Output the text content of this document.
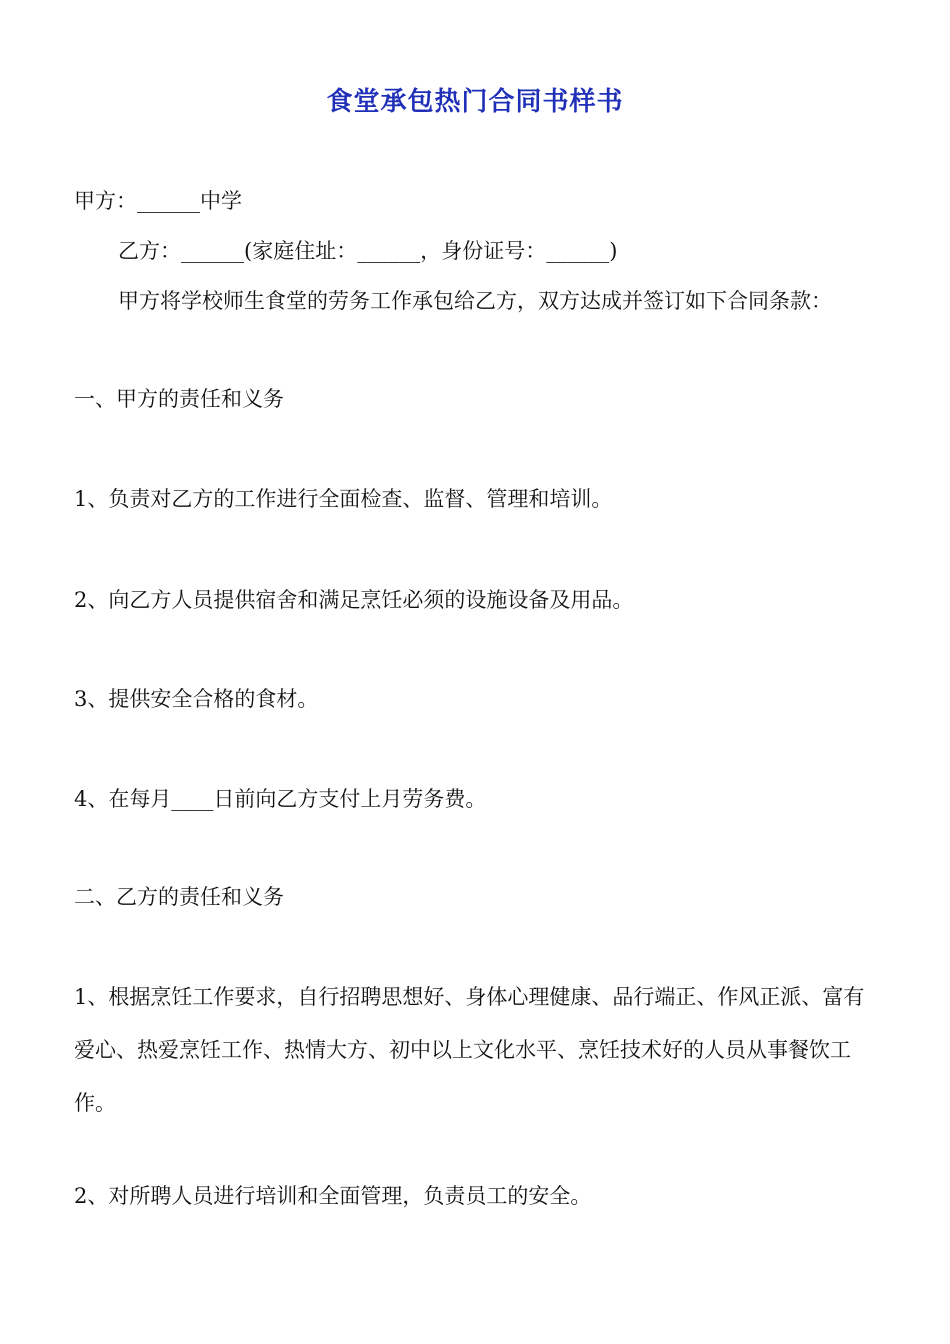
食堂承包热门合同书样书
甲方：______中学
乙方：______(家庭住址：______，身份证号：______)
甲方将学校师生食堂的劳务工作承包给乙方，双方达成并签订如下合同条款：
一、甲方的责任和义务
1、负责对乙方的工作进行全面检查、监督、管理和培训。
2、向乙方人员提供宿舍和满足烹饪必须的设施设备及用品。
3、提供安全合格的食材。
4、在每月____日前向乙方支付上月劳务费。
二、乙方的责任和义务
1、根据烹饪工作要求，自行招聘思想好、身体心理健康、品行端正、作风正派、富有爱心、热爱烹饪工作、热情大方、初中以上文化水平、烹饪技术好的人员从事餐饮工作。
2、对所聘人员进行培训和全面管理，负责员工的安全。
